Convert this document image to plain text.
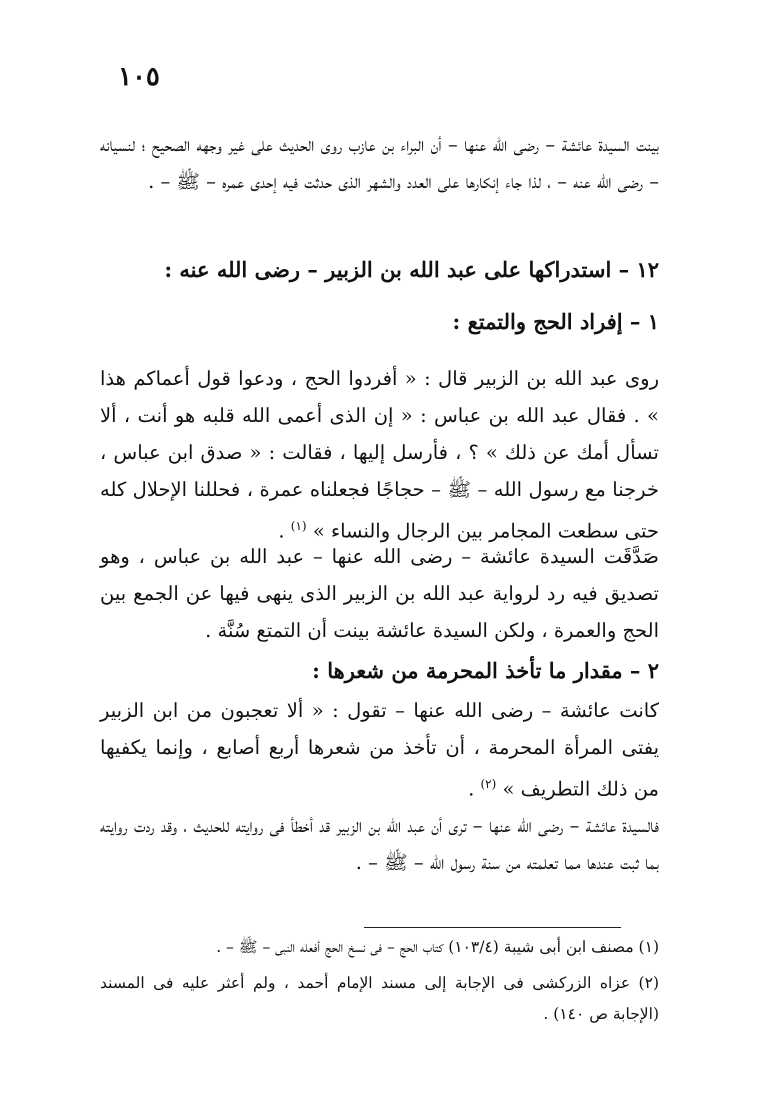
١٠٥

بينت السيدة عائشة – رضى الله عنها – أن البراء بن عازب روى الحديث على غير وجهه الصحيح ؛ لنسيانه – رضى الله عنه – ، لذا جاء إنكارها على العدد والشهر الذى حدثت فيه إحدى عمره – ﷺ – .

١٢ – استدراكها على عبد الله بن الزبير – رضى الله عنه :
١ – إفراد الحج والتمتع :

روى عبد الله بن الزبير قال : « أفردوا الحج ، ودعوا قول أعماكم هذا » . فقال عبد الله بن عباس : « إن الذى أعمى الله قلبه هو أنت ، ألا تسأل أمك عن ذلك » ؟ ، فأرسل إليها ، فقالت : « صدق ابن عباس ، خرجنا مع رسول الله – ﷺ – حجاجًا فجعلناه عمرة ، فحللنا الإحلال كله حتى سطعت المجامر بين الرجال والنساء » $^{(١)}$ .

صَدَّقَت السيدة عائشة – رضى الله عنها – عبد الله بن عباس ، وهو تصديق فيه رد لرواية عبد الله بن الزبير الذى ينهى فيها عن الجمع بين الحج والعمرة ، ولكن السيدة عائشة بينت أن التمتع سُنَّة .

٢ – مقدار ما تأخذ المحرمة من شعرها :

كانت عائشة – رضى الله عنها – تقول : « ألا تعجبون من ابن الزبير يفتى المرأة المحرمة ، أن تأخذ من شعرها أربع أصابع ، وإنما يكفيها من ذلك التطريف » $^{(٢)}$ .

فالسيدة عائشة – رضى الله عنها – ترى أن عبد الله بن الزبير قد أخطأ فى روايته للحديث ، وقد ردت روايته بما ثبت عندها مما تعلمته من سنة رسول الله – ﷺ – .

(١) مصنف ابن أبى شيبة (١٠٣/٤) كتاب الحج – فى نسخ الحج أفعله النبى – ﷺ – .

(٢) عزاه الزركشى فى الإجابة إلى مسند الإمام أحمد ، ولم أعثر عليه فى المسند (الإجابة ص ١٤٠) .
